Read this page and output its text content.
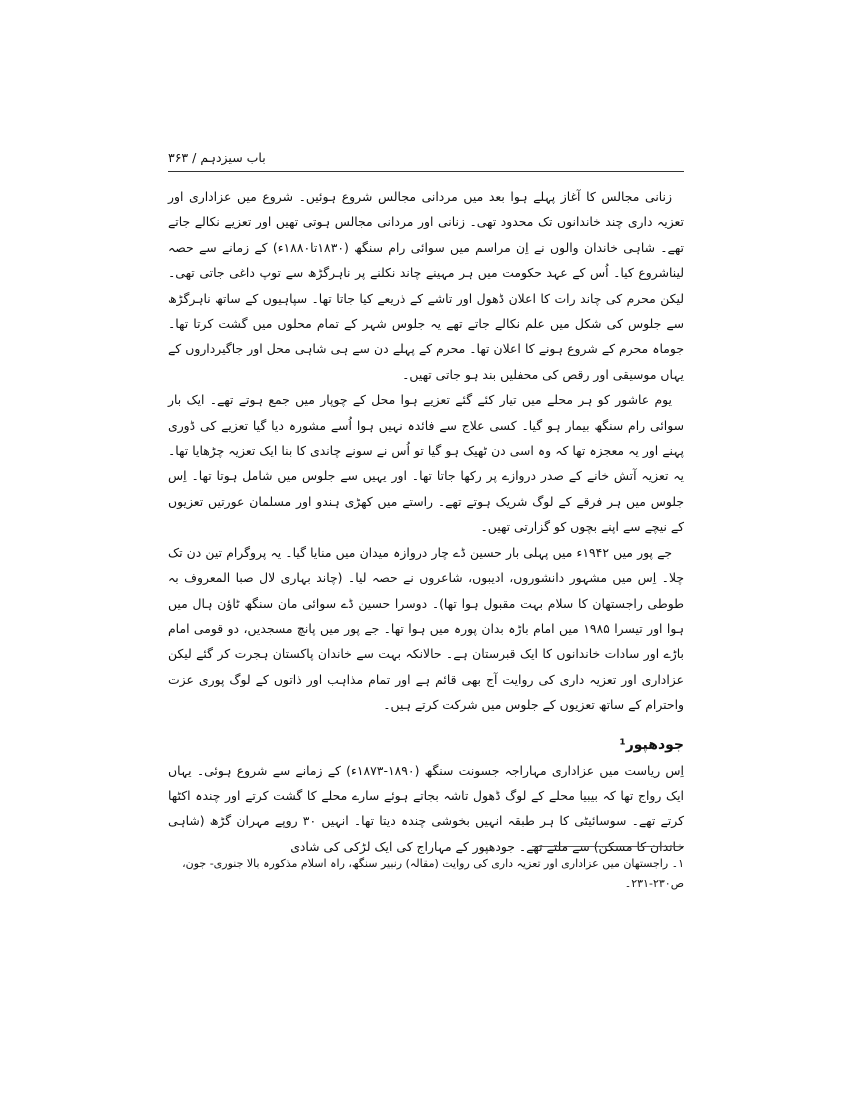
باب سیزدہم / ۳۶۳

زنانی مجالس کا آغاز پہلے ہوا بعد میں مردانی مجالس شروع ہوئیں۔ شروع میں عزاداری اور تعزیہ داری چند خاندانوں تک محدود تھی۔ زنانی اور مردانی مجالس ہوتی تھیں اور تعزیے نکالے جاتے تھے۔ شاہی خاندان والوں نے اِن مراسم میں سوائی رام سنگھ (۱۸۳۰تا۱۸۸۰ء) کے زمانے سے حصہ لیناشروع کیا۔ اُس کے عہد حکومت میں ہر مہینے چاند نکلنے پر ناہرگڑھ سے توپ داغی جاتی تھی۔ لیکن محرم کی چاند رات کا اعلان ڈھول اور تاشے کے ذریعے کیا جاتا تھا۔ سپاہیوں کے ساتھ ناہرگڑھ سے جلوس کی شکل میں علم نکالے جاتے تھے یہ جلوس شہر کے تمام محلوں میں گشت کرتا تھا۔ جوماہ محرم کے شروع ہونے کا اعلان تھا۔ محرم کے پہلے دن سے ہی شاہی محل اور جاگیرداروں کے یہاں موسیقی اور رقص کی محفلیں بند ہو جاتی تھیں۔

یوم عاشور کو ہر محلے میں تیار کئے گئے تعزیے ہوا محل کے چوپار میں جمع ہوتے تھے۔ ایک بار سوائی رام سنگھ بیمار ہو گیا۔ کسی علاج سے فائدہ نہیں ہوا اُسے مشورہ دیا گیا تعزیے کی ڈوری پہنے اور یہ معجزہ تھا کہ وہ اسی دن ٹھیک ہو گیا تو اُس نے سونے چاندی کا بنا ایک تعزیہ چڑھایا تھا۔ یہ تعزیہ آتش خانے کے صدر دروازے پر رکھا جاتا تھا۔ اور یہیں سے جلوس میں شامل ہوتا تھا۔ اِس جلوس میں ہر فرقے کے لوگ شریک ہوتے تھے۔ راستے میں کھڑی ہندو اور مسلمان عورتیں تعزیوں کے نیچے سے اپنے بچوں کو گزارتی تھیں۔

جے پور میں ۱۹۴۲ء میں پہلی بار حسین ڈے چار دروازہ میدان میں منایا گیا۔ یہ پروگرام تین دن تک چلا۔ اِس میں مشہور دانشوروں، ادیبوں، شاعروں نے حصہ لیا۔ (چاند بہاری لال صبا المعروف بہ طوطی راجستھان کا سلام بہت مقبول ہوا تھا)۔ دوسرا حسین ڈے سوائی مان سنگھ ٹاؤن ہال میں ہوا اور تیسرا ۱۹۸۵ میں امام باڑہ بدان پورہ میں ہوا تھا۔ جے پور میں پانچ مسجدیں، دو قومی امام باڑے اور سادات خاندانوں کا ایک قبرستان ہے۔ حالانکہ بہت سے خاندان پاکستان ہجرت کر گئے لیکن عزاداری اور تعزیہ داری کی روایت آج بھی قائم ہے اور تمام مذاہب اور ذاتوں کے لوگ پوری عزت واحترام کے ساتھ تعزیوں کے جلوس میں شرکت کرتے ہیں۔

جودھپور¹

اِس ریاست میں عزاداری مہاراجہ جسونت سنگھ (۱۸۹۰-۱۸۷۳ء) کے زمانے سے شروع ہوئی۔ یہاں ایک رواج تھا کہ بیبیا محلے کے لوگ ڈھول تاشہ بجاتے ہوئے سارے محلے کا گشت کرتے اور چندہ اکٹھا کرتے تھے۔ سوسائیٹی کا ہر طبقہ انہیں بخوشی چندہ دیتا تھا۔ انہیں ۳۰ روپے مہران گڑھ (شاہی خاندان کا مسکن) سے ملتے تھے۔ جودھپور کے مہاراج کی ایک لڑکی کی شادی

۱۔ راجستھان میں عزاداری اور تعزیہ داری کی روایت (مقالہ) رنبیر سنگھ، راہ اسلام مذکورہ بالا جنوری- جون، ص۲۳۰-۲۳۱۔
